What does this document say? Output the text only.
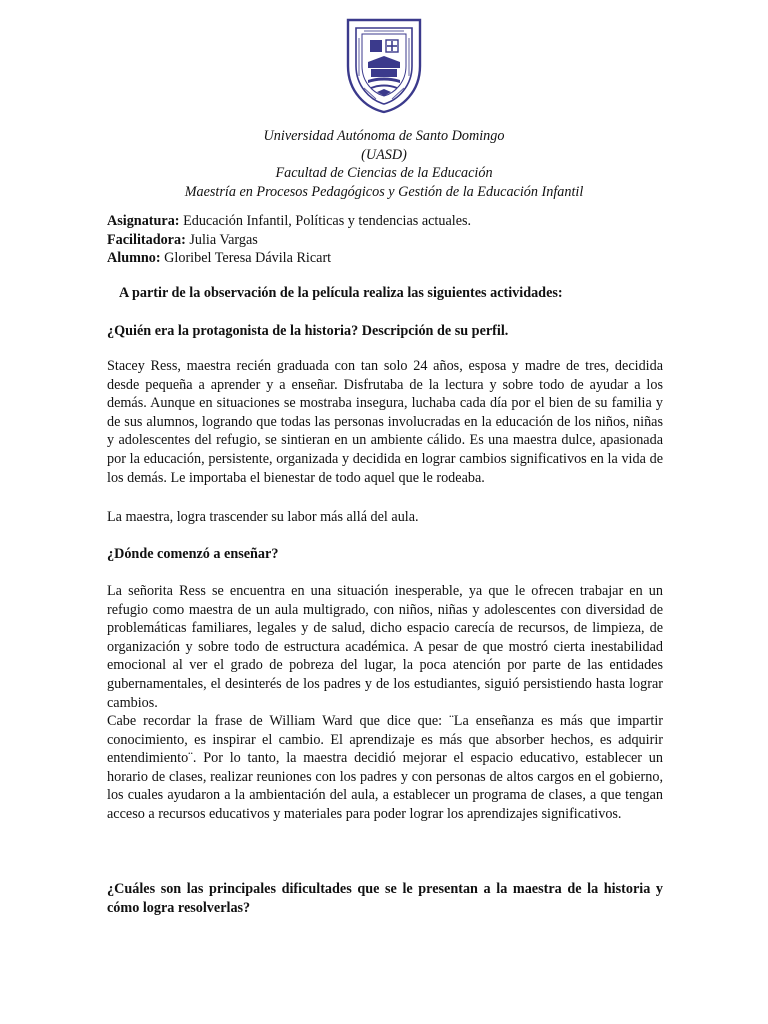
Universidad Autónoma de Santo Domingo
(UASD)
Facultad de Ciencias de la Educación
Maestría en Procesos Pedagógicos y Gestión de la Educación Infantil
Asignatura: Educación Infantil, Políticas y tendencias actuales.
Facilitadora: Julia Vargas
Alumno: Gloribel Teresa Dávila Ricart
A partir de la observación de la película realiza las siguientes actividades:
¿Quién era la protagonista de la historia? Descripción de su perfil.
Stacey Ress, maestra recién graduada con tan solo 24 años, esposa y madre de tres, decidida desde pequeña a aprender y a enseñar. Disfrutaba de la lectura y sobre todo de ayudar a los demás. Aunque en situaciones se mostraba insegura, luchaba cada día por el bien de su familia y de sus alumnos, logrando que todas las personas involucradas en la educación de los niños, niñas y adolescentes del refugio, se sintieran en un ambiente cálido. Es una maestra dulce, apasionada por la educación, persistente, organizada y decidida en lograr cambios significativos en la vida de los demás. Le importaba el bienestar de todo aquel que le rodeaba.
La maestra, logra trascender su labor más allá del aula.
¿Dónde comenzó a enseñar?
La señorita Ress se encuentra en una situación inesperable, ya que le ofrecen trabajar en un refugio como maestra de un aula multigrado, con niños, niñas y adolescentes con diversidad de problemáticas familiares, legales y de salud, dicho espacio carecía de recursos, de limpieza, de organización y sobre todo de estructura académica. A pesar de que mostró cierta inestabilidad emocional al ver el grado de pobreza del lugar, la poca atención por parte de las entidades gubernamentales, el desinterés de los padres y de los estudiantes, siguió persistiendo hasta lograr cambios.
Cabe recordar la frase de William Ward que dice que: ¨La enseñanza es más que impartir conocimiento, es inspirar el cambio. El aprendizaje es más que absorber hechos, es adquirir entendimiento¨. Por lo tanto, la maestra decidió mejorar el espacio educativo, establecer un horario de clases, realizar reuniones con los padres y con personas de altos cargos en el gobierno, los cuales ayudaron a la ambientación del aula, a establecer un programa de clases, a que tengan acceso a recursos educativos y materiales para poder lograr los aprendizajes significativos.
¿Cuáles son las principales dificultades que se le presentan a la maestra de la historia y cómo logra resolverlas?
